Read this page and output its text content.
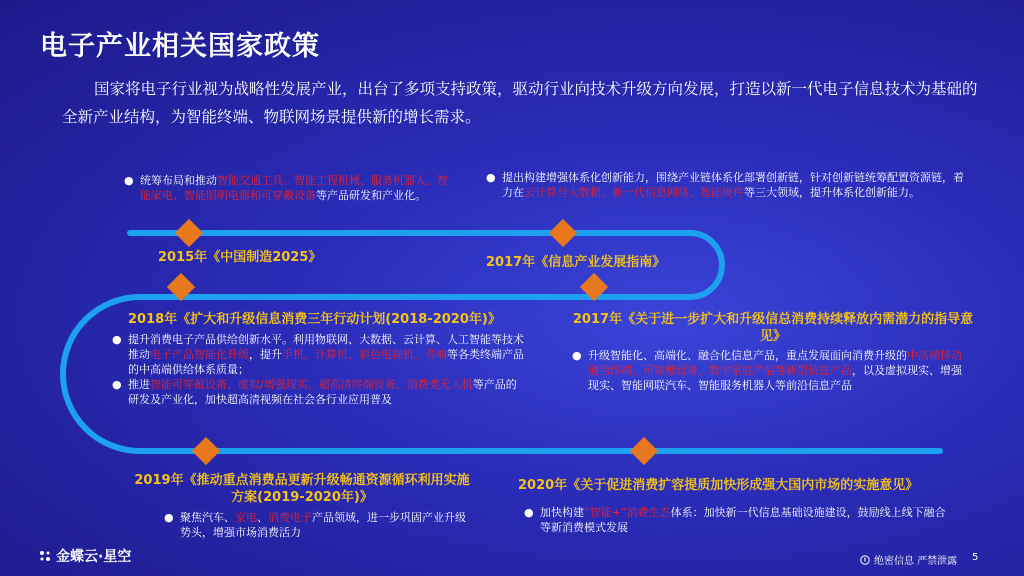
电子产业相关国家政策
国家将电子行业视为战略性发展产业，出台了多项支持政策，驱动行业向技术升级方向发展，打造以新一代电子信息技术为基础的全新产业结构，为智能终端、物联网场景提供新的增长需求。

● 统筹布局和推动智能交通工具、智能工程机械、服务机器人、智能家电、智能照明电器和可穿戴设备等产品研发和产业化。

2015年《中国制造2025》

● 提出构建增强体系化创新能力，围绕产业链体系化部署创新链，针对创新链统筹配置资源链，着力在云计算与大数据、新一代信息网络、智能硬件等三大领域，提升体系化创新能力。

2017年《信息产业发展指南》
2018年《扩大和升级信息消费三年行动计划(2018-2020年)》

● 提升消费电子产品供给创新水平。利用物联网、大数据、云计算、人工智能等技术推动电子产品智能化升级，提升手机、计算机、彩色电视机、音响等各类终端产品的中高端供给体系质量；

● 推进智能可穿戴设备、虚拟/增强现实、超高清终端设备、消费类无人机等产品的研发及产业化，加快超高清视频在社会各行业应用普及

2017年《关于进一步扩大和升级信总消费持续释放内需潜力的指导意见》

● 升级智能化、高端化、融合化信息产品，重点发展面向消费升级的中高端移动通信终端、可穿戴设备、数字家庭产品等新型信息产品，以及虚拟现实、增强现实、智能网联汽车、智能服务机器人等前沿信息产品

2019年《推动重点消费品更新升级畅通资源循环利用实施方案(2019-2020年)》

● 聚焦汽车、家电、消费电子产品领域，进一步巩固产业升级势头，增强市场消费活力

2020年《关于促进消费扩容提质加快形成强大国内市场的实施意见》

● 加快构建“智能+”消费生态体系：加快新一代信息基础设施建设，鼓励线上线下融合等新消费模式发展

金蝶云·星空	绝密信息 严禁泄露 5
